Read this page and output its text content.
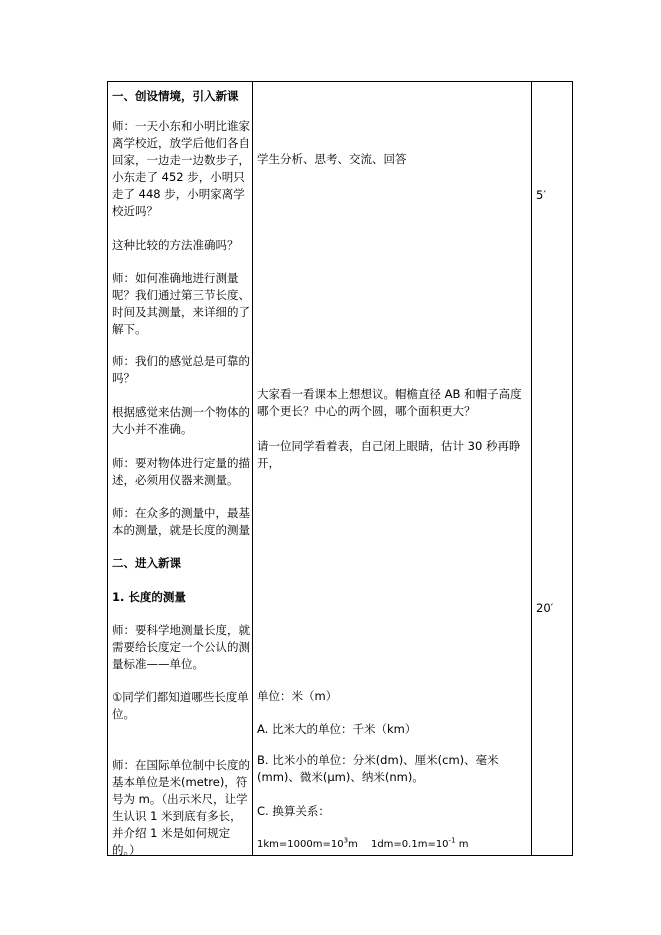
一、创设情境，引入新课
师：一天小东和小明比谁家离学校近，放学后他们各自回家，一边走一边数步子，小东走了 452 步，小明只走了 448 步，小明家离学校近吗？
这种比较的方法准确吗？
师：如何准确地进行测量呢？我们通过第三节长度、时间及其测量，来详细的了解下。
师：我们的感觉总是可靠的吗？
根据感觉来估测一个物体的大小并不准确。
师：要对物体进行定量的描述，必须用仪器来测量。
师：在众多的测量中，最基本的测量，就是长度的测量
二、进入新课
1. 长度的测量
师：要科学地测量长度，就需要给长度定一个公认的测量标准——单位。
①同学们都知道哪些长度单位。
师：在国际单位制中长度的基本单位是米(metre)，符号为 m。（出示米尺，让学生认识 1 米到底有多长，并介绍 1 米是如何规定的。）
学生分析、思考、交流、回答
大家看一看课本上想想议。帽檐直径 AB 和帽子高度哪个更长？中心的两个圆，哪个面积更大？
请一位同学看着表，自己闭上眼睛，估计 30 秒再睁开，
单位：米（m）
A. 比米大的单位：千米（km）
B. 比米小的单位：分米(dm)、厘米(cm)、毫米(mm)、微米(μm)、纳米(nm)。
C. 换算关系：
$1km=1000m=10^3m$　 $1dm=0.1m=10^{-1}$ m
5′
20′
